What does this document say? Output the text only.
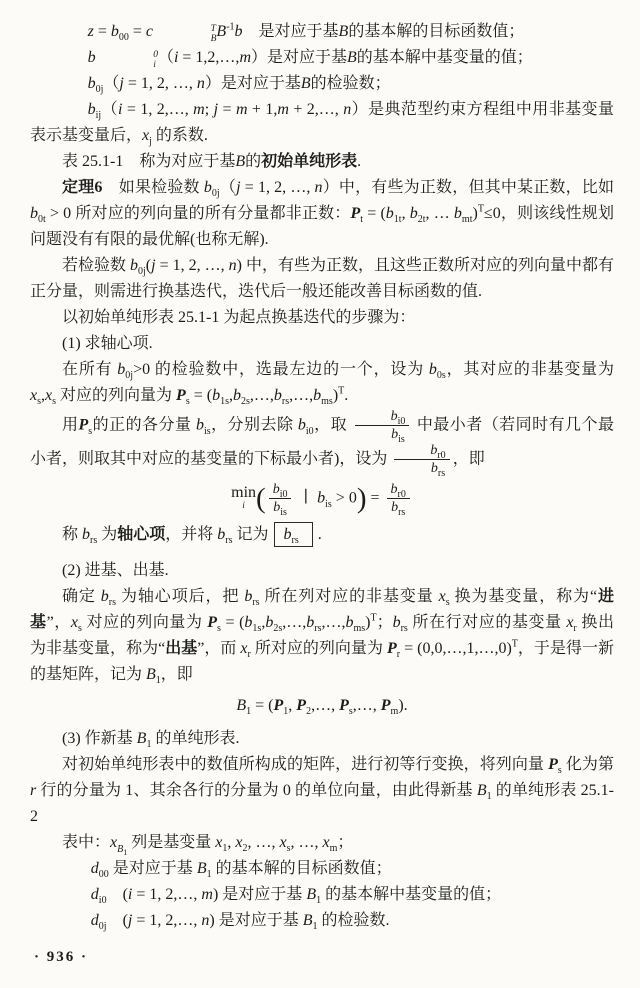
$z = b_{00} = c$	T
B $B^{-1}b$　是对应于基B的基本解的目标函数值；

b	0
i （i = 1,2,…,m）是对应于基B的基本解中基变量的值；

$b_{0j}(j = 1$, 2, …, n）是对应于基B的检验数；

$b_{ij}(i = 1$, 2,…, m; j = m + 1,m + 2,…, n）是典范型约束方程组中用非基变量表示基变量后，$x_j$ 的系数.

表 25.1-1　称为对应于基B的初始单纯形表.

定理6　如果检验数 $b_{0j}(j = 1$, 2, …, n）中，有些为正数，但其中某正数，比如 $b_{0t} > 0$ 所对应的列向量的所有分量都非正数：$P_t = (b_{1t}$, $b_{2t}$, … $b_{mt})^T\le 0$，则该线性规划问题没有有限的最优解(也称无解).

若检验数 $b_{0j}(j = 1$, 2, …, n) 中，有些为正数，且这些正数所对应的列向量中都有正分量，则需进行换基迭代，迭代后一般还能改善目标函数的值.

以初始单纯形表 25.1-1 为起点换基迭代的步骤为：

(1) 求轴心项.

在所有 $b_{0j}>0$ 的检验数中，选最左边的一个，设为 $b_{0s}$，其对应的非基变量为 $x_s,x_s$ 对应的列向量为 $P_s$ = $(b_{1s},b_{2s},\dots,b_{rs},\dots,b_{ms})^T$.

用$P_s$的正的各分量 $b_{is}$，分别去除 $b_{i0}$，取
$b_{i0}$
$b_{is}$
中最小者（若同时有几个最小者，则取其中对应的基变量的下标最小者)，设为
$b_{r0}$
$b_{rs}$
，即

min
i ( $b_{i0}$
$b_{is}$
∣ $b_{is} > 0$) =
$b_{r0}$
$b_{rs}$

称 $b_{rs}$ 为轴心项，并将 $b_{rs}$ 记为 $b_{rs}$ .

(2) 进基、出基.

确定 $b_{rs}$ 为轴心项后，把 $b_{rs}$ 所在列对应的非基变量 $x_s$ 换为基变量，称为“进基”，$x_s$ 对应的列向量为 $P_s$ = $(b_{1s},b_{2s},\dots,b_{rs},\dots,b_{ms})^T$；$b_{rs}$ 所在行对应的基变量 $x_r$ 换出为非基变量，称为“出基”，而 $x_r$ 所对应的列向量为 $P_r$ = (0,0,…,1,…,0)$^T$，于是得一新的基矩阵，记为 $B_1$，即

$B_1 = (P_1$, $P_2,\dots$, $P_s,\dots$, $P_m$).

(3) 作新基 $B_1$ 的单纯形表.

对初始单纯形表中的数值所构成的矩阵，进行初等行变换，将列向量 $P_s$ 化为第 r 行的分量为 1、其余各行的分量为 0 的单位向量，由此得新基 $B_1$ 的单纯形表 25.1-2

表中：$x_{B_1}$ 列是基变量 $x_1$, $x_2$, …, $x_s$, …, $x_m$；

$d_{00}$ 是对应于基 $B_1$ 的基本解的目标函数值；

$d_{i0}$　(i = 1, 2,…, m) 是对应于基 $B_1$ 的基本解中基变量的值；

$d_{0j}$　(j = 1, 2,…, n) 是对应于基 $B_1$ 的检验数.

· 936 ·
